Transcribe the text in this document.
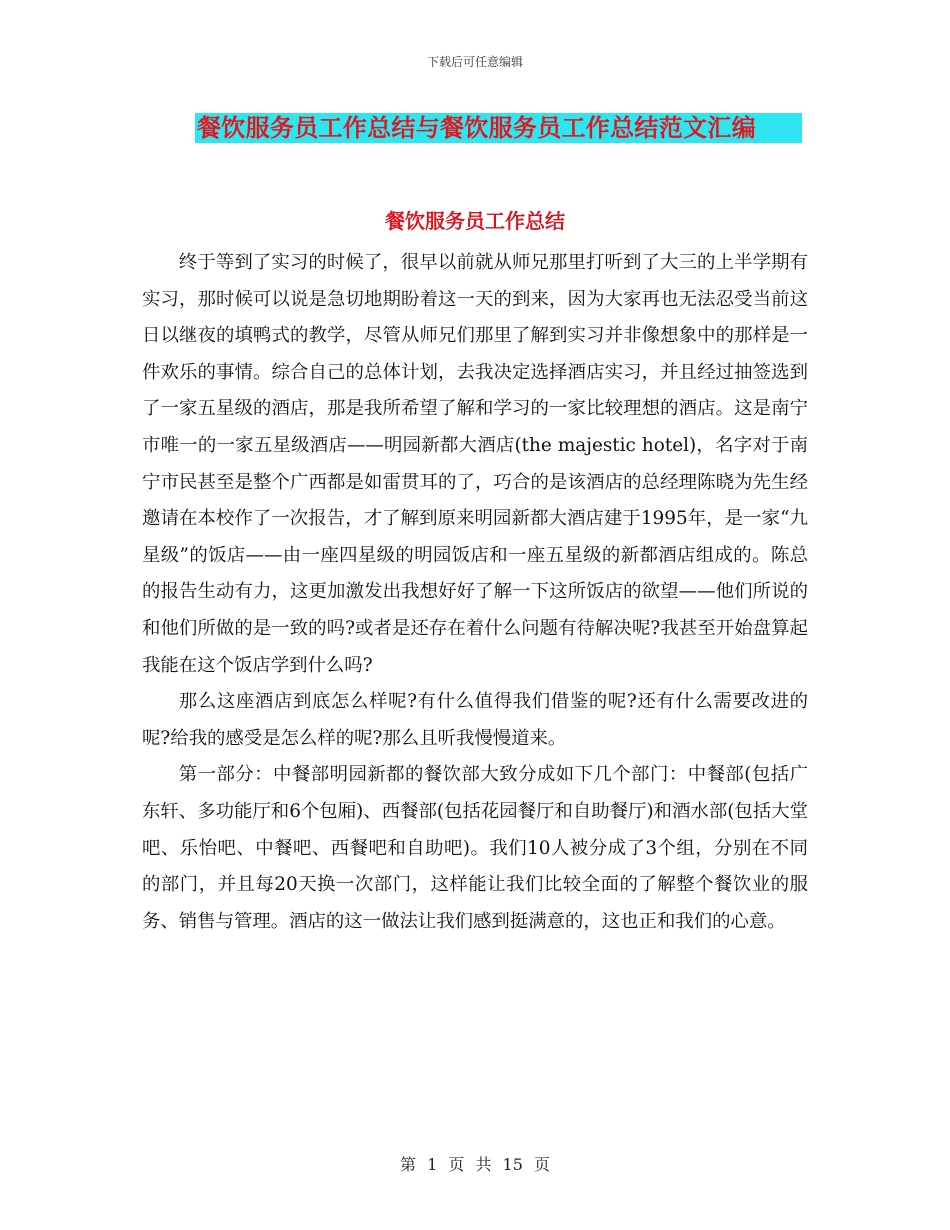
下载后可任意编辑
餐饮服务员工作总结与餐饮服务员工作总结范文汇编
餐饮服务员工作总结

终于等到了实习的时候了，很早以前就从师兄那里打听到了大三的上半学期有实习，那时候可以说是急切地期盼着这一天的到来，因为大家再也无法忍受当前这日以继夜的填鸭式的教学，尽管从师兄们那里了解到实习并非像想象中的那样是一件欢乐的事情。综合自己的总体计划，去我决定选择酒店实习，并且经过抽签选到了一家五星级的酒店，那是我所希望了解和学习的一家比较理想的酒店。这是南宁市唯一的一家五星级酒店——明园新都大酒店(the majestic hotel)，名字对于南宁市民甚至是整个广西都是如雷贯耳的了，巧合的是该酒店的总经理陈晓为先生经邀请在本校作了一次报告，才了解到原来明园新都大酒店建于1995年，是一家“九星级”的饭店——由一座四星级的明园饭店和一座五星级的新都酒店组成的。陈总的报告生动有力，这更加激发出我想好好了解一下这所饭店的欲望——他们所说的和他们所做的是一致的吗?或者是还存在着什么问题有待解决呢?我甚至开始盘算起我能在这个饭店学到什么吗?

那么这座酒店到底怎么样呢?有什么值得我们借鉴的呢?还有什么需要改进的呢?给我的感受是怎么样的呢?那么且听我慢慢道来。

第一部分：中餐部明园新都的餐饮部大致分成如下几个部门：中餐部(包括广东轩、多功能厅和6个包厢)、西餐部(包括花园餐厅和自助餐厅)和酒水部(包括大堂吧、乐怡吧、中餐吧、西餐吧和自助吧)。我们10人被分成了3个组，分别在不同的部门，并且每20天换一次部门，这样能让我们比较全面的了解整个餐饮业的服务、销售与管理。酒店的这一做法让我们感到挺满意的，这也正和我们的心意。

第 1 页 共 15 页
